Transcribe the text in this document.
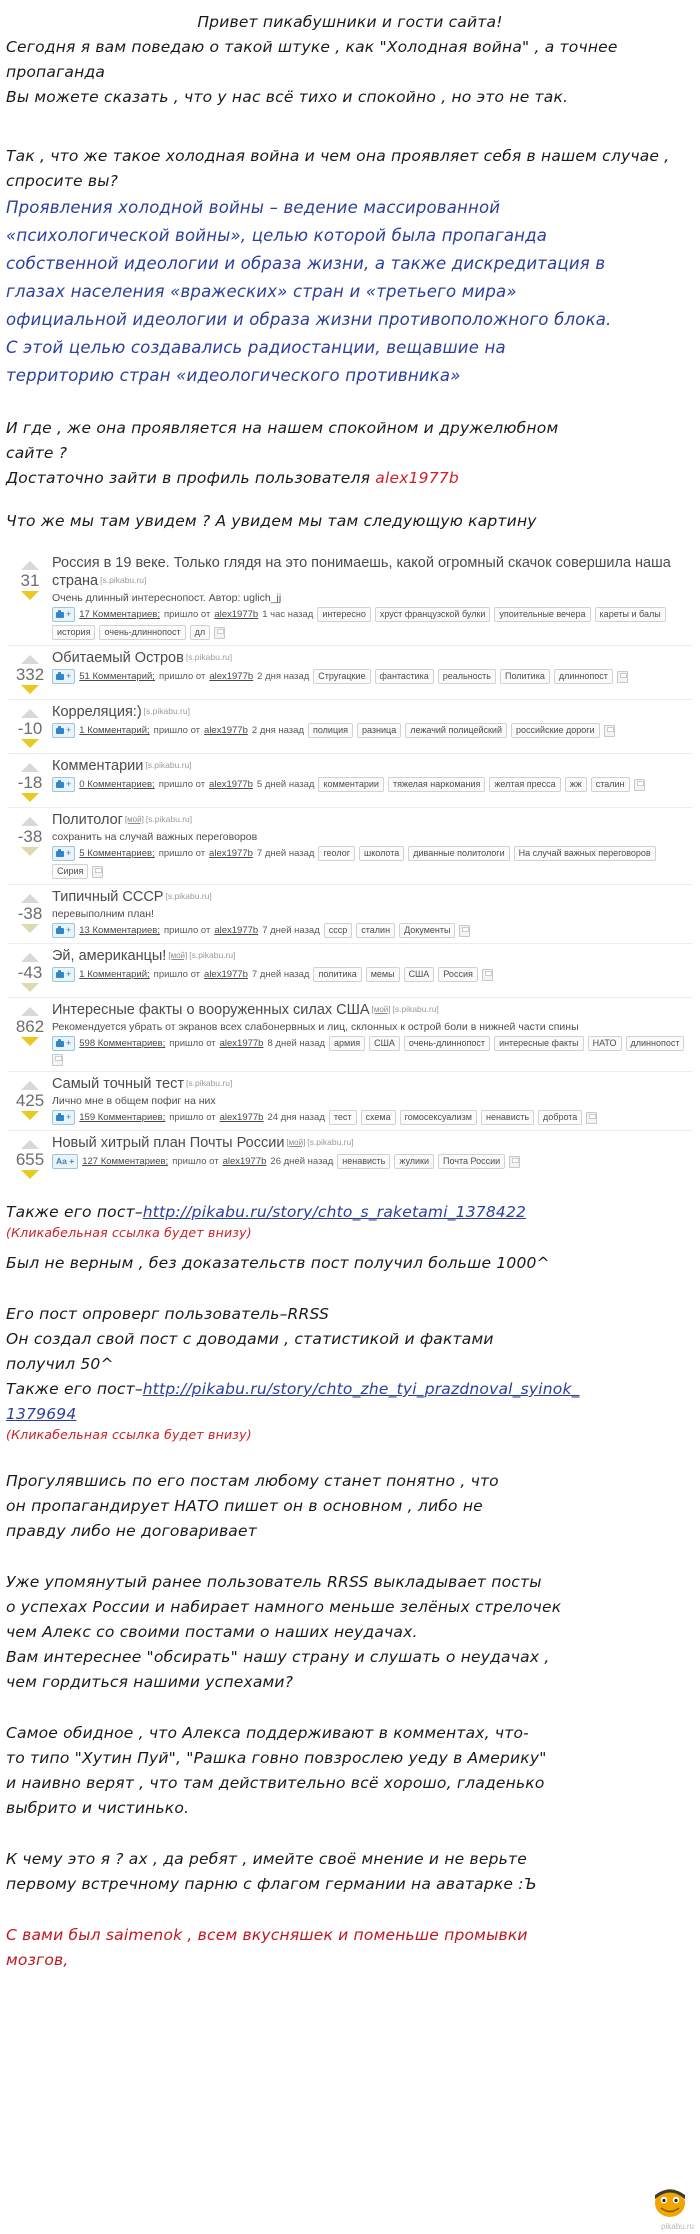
Привет пикабушники и гости сайта!
Сегодня я вам поведаю о такой штуке , как "Холодная война" , а точнее пропаганда
Вы можете сказать , что у нас всё тихо и спокойно , но это не так.
Так , что же такое холодная война и чем она проявляет себя в нашем случае ,
спросите вы?
Проявления холодной войны – ведение массированной
«психологической войны», целью которой была пропаганда
собственной идеологии и образа жизни, а также дискредитация в
глазах населения «вражеских» стран и «третьего мира»
официальной идеологии и образа жизни противоположного блока.
С этой целью создавались радиостанции, вещавшие на
территорию стран «идеологического противника»
И где , же она проявляется на нашем спокойном и дружелюбном
сайте ?
Достаточно зайти в профиль пользователя alex1977b
Что же мы там увидем ? А увидем мы там следующую картину
31
Россия в 19 веке. Только глядя на это понимаешь, какой огромный скачок совершила наша страна [s.pikabu.ru]
Очень длинный интереснопост. Автор: uglich_jj
+ 17 Комментариев; пришло от alex1977b 1 час назад	интересно	хруст французской булки	упоительные вечера	кареты и балы
история	очень-длиннопост	дл
332
Обитаемый Остров [s.pikabu.ru]
+ 51 Комментарий; пришло от alex1977b 2 дня назад	Стругацкие	фантастика	реальность	Политика	длиннопост
-10
Корреляция:) [s.pikabu.ru]
+ 1 Комментарий; пришло от alex1977b 2 дня назад	полиция	разница	лежачий полицейский	российские дороги
-18
Комментарии [s.pikabu.ru]
+ 0 Комментариев; пришло от alex1977b 5 дней назад	комментарии	тяжелая наркомания	желтая пресса	жж	сталин
-38
Политолог [мой] [s.pikabu.ru]
сохранить на случай важных переговоров
+ 5 Комментариев; пришло от alex1977b 7 дней назад	геолог	школота	диванные политологи	На случай важных переговоров
Сирия
-38
Типичный СССР [s.pikabu.ru]
перевыполним план!
+ 13 Комментариев; пришло от alex1977b 7 дней назад	ссср	сталин	Документы
-43
Эй, американцы! [мой] [s.pikabu.ru]
+ 1 Комментарий; пришло от alex1977b 7 дней назад	политика	мемы	США	Россия
862
Интересные факты о вооруженных силах США [мой] [s.pikabu.ru]
Рекомендуется убрать от экранов всех слабонервных и лиц, склонных к острой боли в нижней части спины
+ 598 Комментариев; пришло от alex1977b 8 дней назад	армия	США	очень-длиннопост	интересные факты	НАТО	длиннопост
425
Самый точный тест [s.pikabu.ru]
Лично мне в общем пофиг на них
+ 159 Комментариев; пришло от alex1977b 24 дня назад	тест	схема	гомосексуализм	ненависть	доброта
655
Новый хитрый план Почты России [мой] [s.pikabu.ru]
Aa + 127 Комментариев; пришло от alex1977b 26 дней назад	ненависть	жулики	Почта России
Также его пост–http://pikabu.ru/story/chto_s_raketami_1378422
(Кликабельная ссылка будет внизу)
Был не верным , без доказательств пост получил больше 1000^
Его пост опроверг пользователь–RRSS
Он создал свой пост с доводами , статистикой и фактами
получил 50^
Также его пост–http://pikabu.ru/story/chto_zhe_tyi_prazdnoval_syinok_
1379694
(Кликабельная ссылка будет внизу)
Прогулявшись по его постам любому станет понятно , что
он пропагандирует НАТО пишет он в основном , либо не
правду либо не договаривает
Уже упомянутый ранее пользователь RRSS выкладывает посты
о успехах России и набирает намного меньше зелёных стрелочек
чем Алекс со своими постами о наших неудачах.
Вам интереснее "обсирать" нашу страну и слушать о неудачах ,
чем гордиться нашими успехами?
Самое обидное , что Алекса поддерживают в комментах, что-
то типо "Хутин Пуй", "Рашка говно повзрослею уеду в Америку"
и наивно верят , что там действительно всё хорошо, гладенько
выбрито и чистинько.
К чему это я ? ах , да ребят , имейте своё мнение и не верьте
первому встречному парню с флагом германии на аватарке :Ъ
С вами был saimenok , всем вкусняшек и поменьше промывки
мозгов,
pikabu.ru
